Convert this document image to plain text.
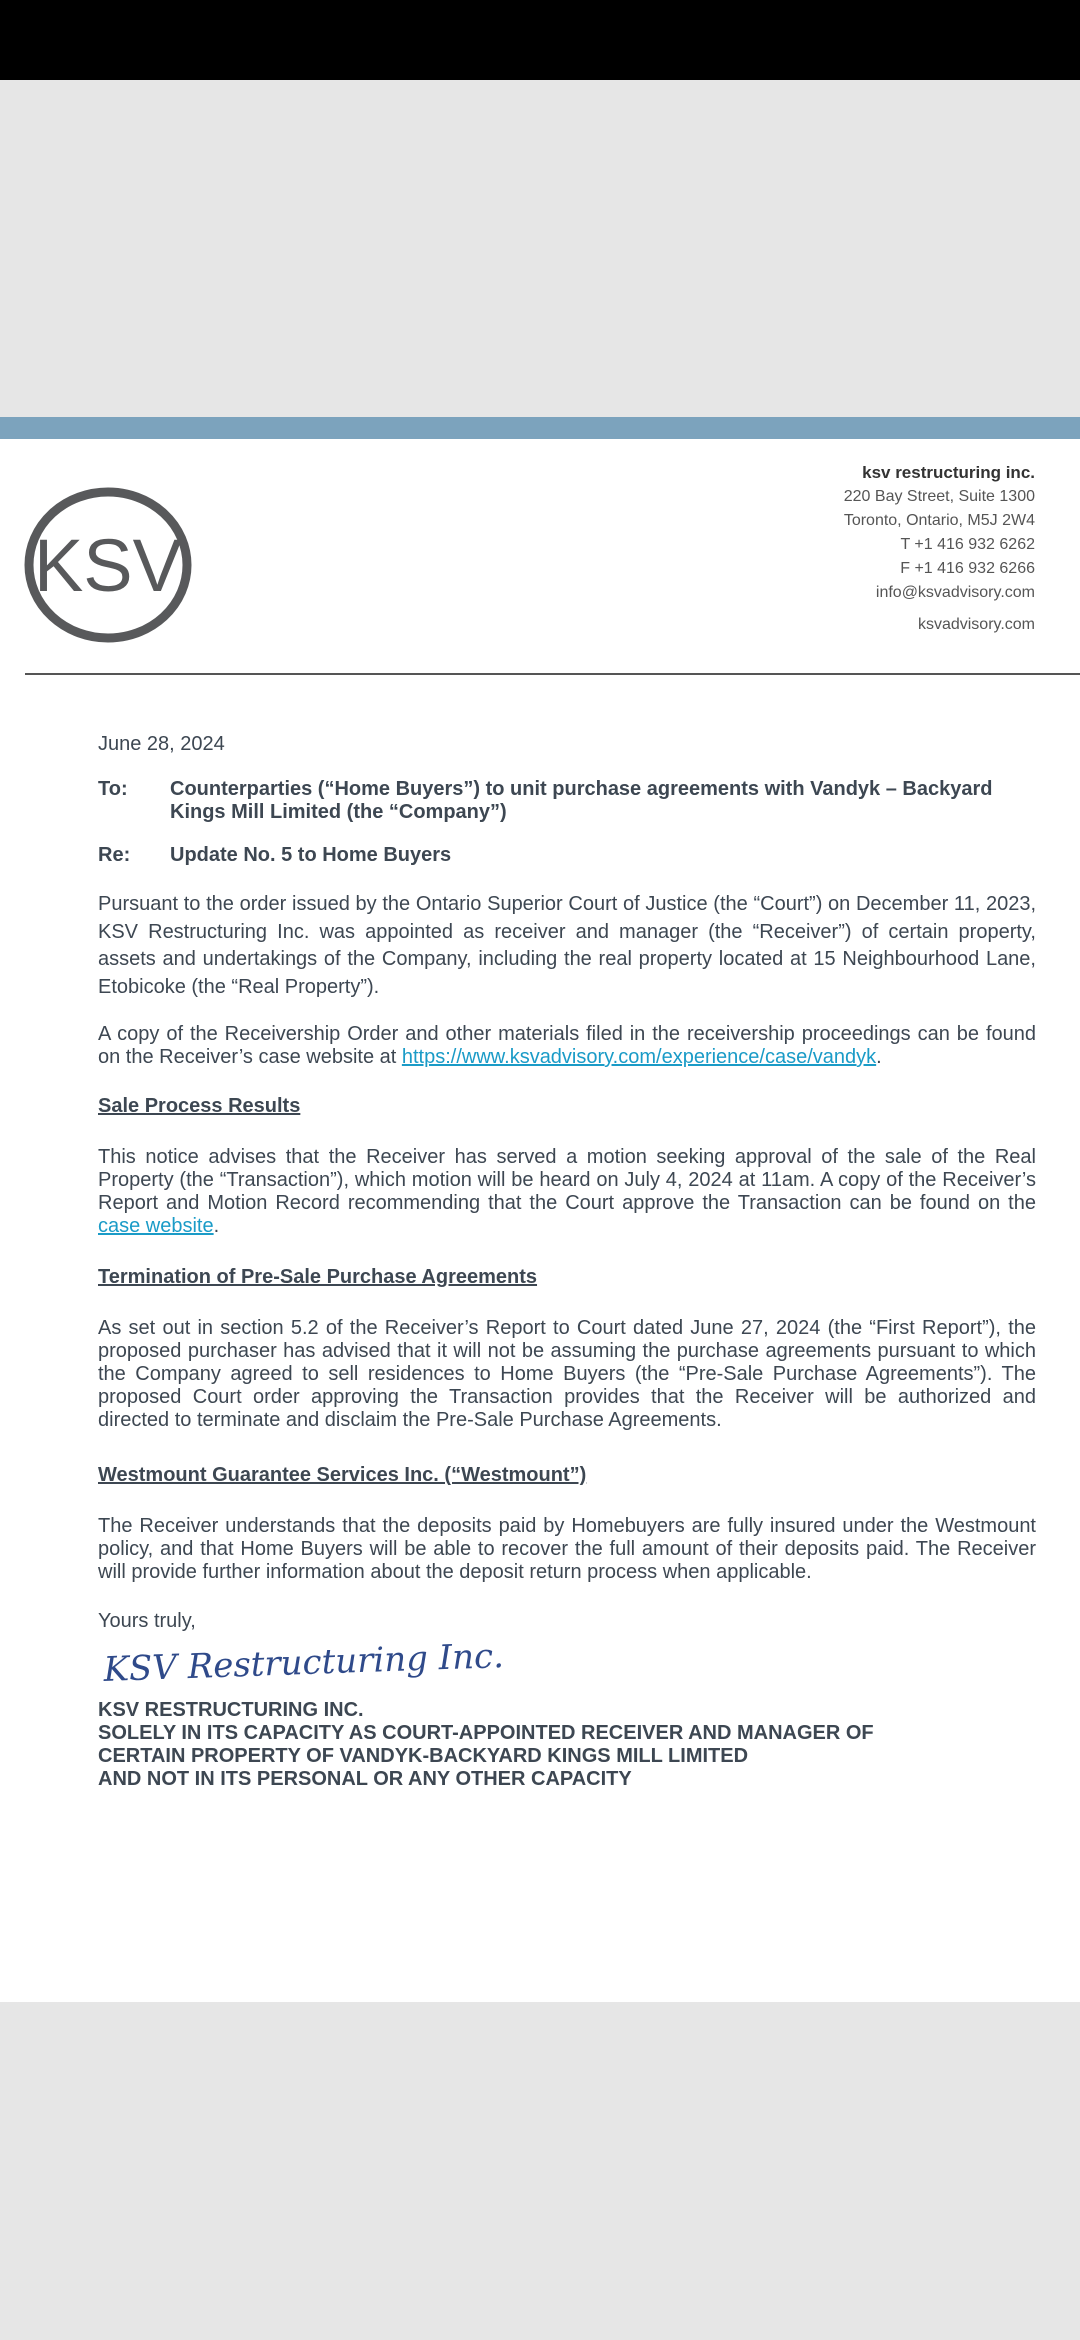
KSV
ksv restructuring inc.
220 Bay Street, Suite 1300
Toronto, Ontario, M5J 2W4
T +1 416 932 6262
F +1 416 932 6266
info@ksvadvisory.com
ksvadvisory.com
June 28, 2024
To:	Counterparties (“Home Buyers”) to unit purchase agreements with Vandyk – Backyard Kings Mill Limited (the “Company”)
Re:	Update No. 5 to Home Buyers

Pursuant to the order issued by the Ontario Superior Court of Justice (the “Court”) on December 11, 2023, KSV Restructuring Inc. was appointed as receiver and manager (the “Receiver”) of certain property, assets and undertakings of the Company, including the real property located at 15 Neighbourhood Lane, Etobicoke (the “Real Property”).

A copy of the Receivership Order and other materials filed in the receivership proceedings can be found on the Receiver’s case website at https://www.ksvadvisory.com/experience/case/vandyk.

Sale Process Results

This notice advises that the Receiver has served a motion seeking approval of the sale of the Real Property (the “Transaction”), which motion will be heard on July 4, 2024 at 11am. A copy of the Receiver’s Report and Motion Record recommending that the Court approve the Transaction can be found on the case website.

Termination of Pre-Sale Purchase Agreements

As set out in section 5.2 of the Receiver’s Report to Court dated June 27, 2024 (the “First Report”), the proposed purchaser has advised that it will not be assuming the purchase agreements pursuant to which the Company agreed to sell residences to Home Buyers (the “Pre-Sale Purchase Agreements”). The proposed Court order approving the Transaction provides that the Receiver will be authorized and directed to terminate and disclaim the Pre-Sale Purchase Agreements.

Westmount Guarantee Services Inc. (“Westmount”)

The Receiver understands that the deposits paid by Homebuyers are fully insured under the Westmount policy, and that Home Buyers will be able to recover the full amount of their deposits paid. The Receiver will provide further information about the deposit return process when applicable.

Yours truly,
KSV Restructuring Inc.
KSV RESTRUCTURING INC.
SOLELY IN ITS CAPACITY AS COURT-APPOINTED RECEIVER AND MANAGER OF
CERTAIN PROPERTY OF VANDYK-BACKYARD KINGS MILL LIMITED
AND NOT IN ITS PERSONAL OR ANY OTHER CAPACITY
